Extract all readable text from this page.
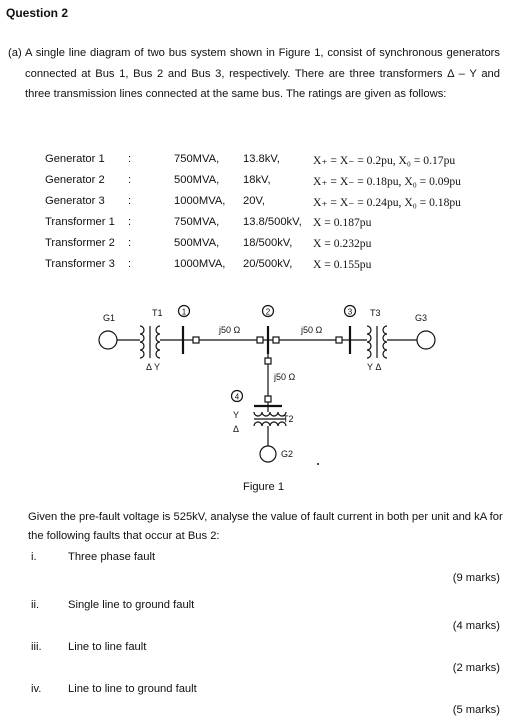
Question 2
(a) A single line diagram of two bus system shown in Figure 1, consist of synchronous generators connected at Bus 1, Bus 2 and Bus 3, respectively. There are three transformers Δ – Y and three transmission lines connected at the same bus. The ratings are given as follows:
Generator 1 :	750MVA, 13.8kV,	X₊ = X₋ = 0.2pu, X₀ = 0.17pu
Generator 2 :	500MVA, 18kV,	X₊ = X₋ = 0.18pu, X₀ = 0.09pu
Generator 3 :	1000MVA, 20V,	X₊ = X₋ = 0.24pu, X₀ = 0.18pu
Transformer 1 :	750MVA, 13.8/500kV, X = 0.187pu
Transformer 2 :	500MVA, 18/500kV, X = 0.232pu
Transformer 3 :	1000MVA, 20/500kV, X = 0.155pu
G1	T1
Δ Y
1
j50 Ω
2
j50 Ω
3 T3
Y Δ
G3
j50 Ω
4
T2
Y
Δ
G2
Figure 1
Given the pre-fault voltage is 525kV, analyse the value of fault current in both per unit and kA for the following faults that occur at Bus 2:
i.	Three phase fault
(9 marks)
ii.	Single line to ground fault
(4 marks)
iii. Line to line fault
(2 marks)
iv. Line to line to ground fault
(5 marks)
